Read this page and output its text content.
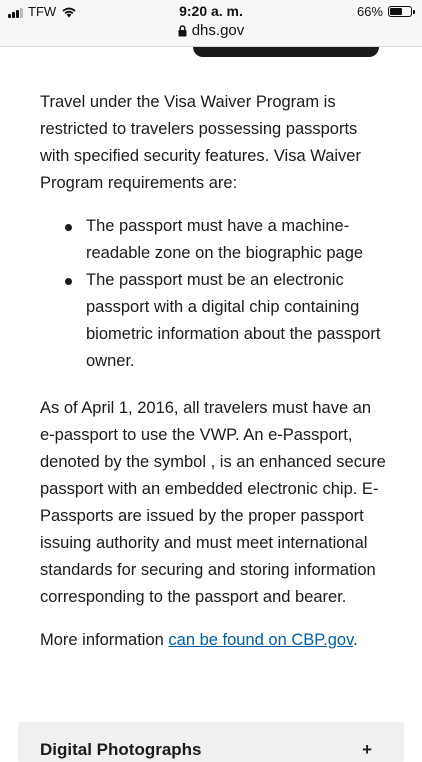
TFW	9:20 a. m.
dhs.gov
66%

Travel under the Visa Waiver Program is restricted to travelers possessing passports with specified security features. Visa Waiver Program requirements are:

The passport must have a machine-readable zone on the biographic page
The passport must be an electronic passport with a digital chip containing biometric information about the passport owner.

As of April 1, 2016, all travelers must have an e-passport to use the VWP. An e-Passport, denoted by the symbol , is an enhanced secure passport with an embedded electronic chip. E-Passports are issued by the proper passport issuing authority and must meet international standards for securing and storing information corresponding to the passport and bearer.

More information can be found on CBP.gov.

Digital Photographs	+
